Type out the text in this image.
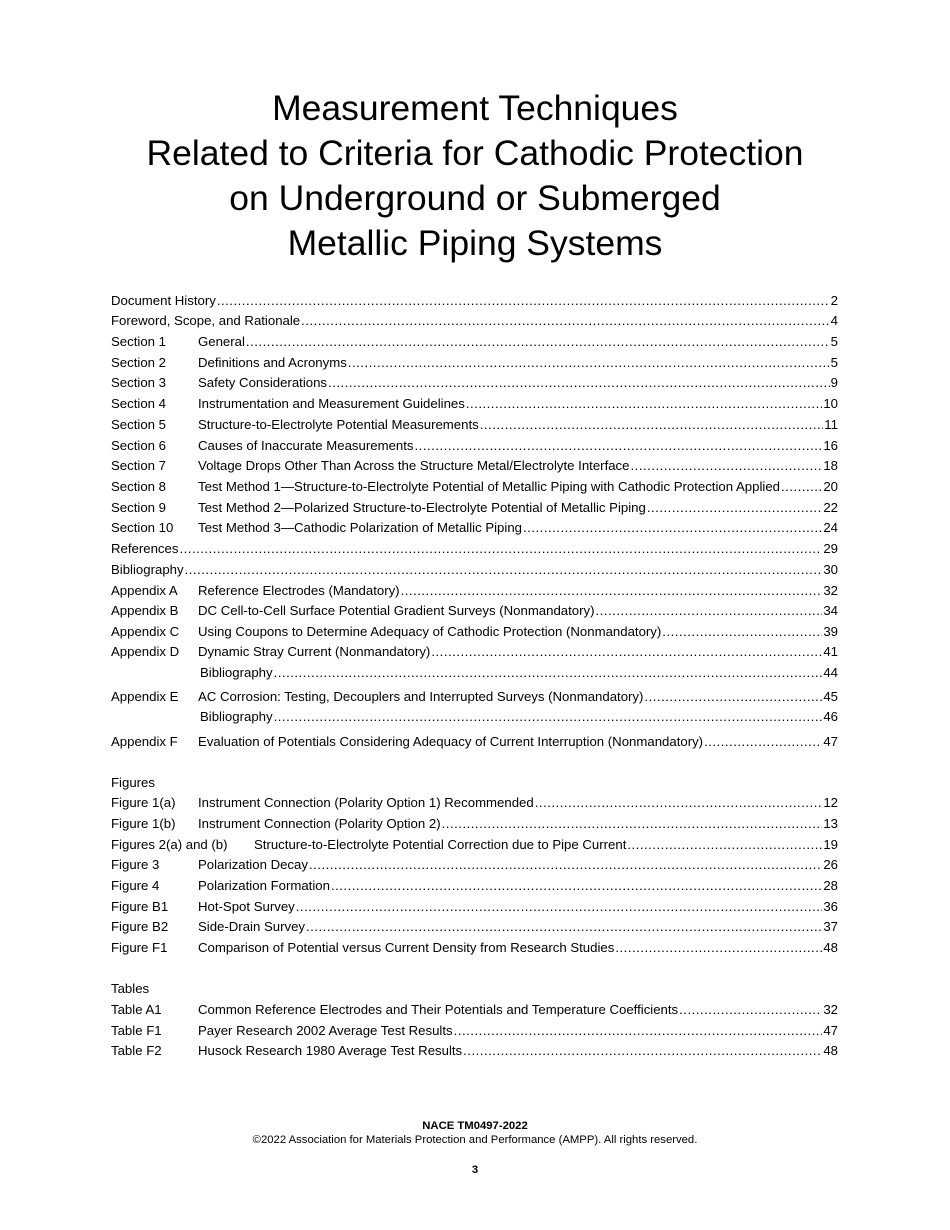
Measurement Techniques
Related to Criteria for Cathodic Protection
on Underground or Submerged
Metallic Piping Systems
Document History .....	2
Foreword, Scope, and Rationale .....	4
Section 1	General .....	5
Section 2	Definitions and Acronyms .....	5
Section 3	Safety Considerations .....	9
Section 4	Instrumentation and Measurement Guidelines .....	10
Section 5	Structure-to-Electrolyte Potential Measurements .....	11
Section 6	Causes of Inaccurate Measurements .....	16
Section 7	Voltage Drops Other Than Across the Structure Metal/Electrolyte Interface .....	18
Section 8	Test Method 1—Structure-to-Electrolyte Potential of Metallic Piping with Cathodic Protection Applied .....	20
Section 9	Test Method 2—Polarized Structure-to-Electrolyte Potential of Metallic Piping .....	22
Section 10	Test Method 3—Cathodic Polarization of Metallic Piping .....	24
References .....	29
Bibliography .....	30
Appendix A	Reference Electrodes (Mandatory) .....	32
Appendix B	DC Cell-to-Cell Surface Potential Gradient Surveys (Nonmandatory) .....	34
Appendix C	Using Coupons to Determine Adequacy of Cathodic Protection (Nonmandatory) .....	39
Appendix D	Dynamic Stray Current (Nonmandatory) .....	41
Bibliography .....	44
Appendix E	AC Corrosion: Testing, Decouplers and Interrupted Surveys (Nonmandatory) .....	45
Bibliography .....	46
Appendix F	Evaluation of Potentials Considering Adequacy of Current Interruption (Nonmandatory) .....	47
Figures
Figure 1(a)	Instrument Connection (Polarity Option 1) Recommended .....	12
Figure 1(b)	Instrument Connection (Polarity Option 2) .....	13
Figures 2(a) and (b)	Structure-to-Electrolyte Potential Correction due to Pipe Current .....	19
Figure 3	Polarization Decay .....	26
Figure 4	Polarization Formation .....	28
Figure B1	Hot-Spot Survey .....	36
Figure B2	Side-Drain Survey .....	37
Figure F1	Comparison of Potential versus Current Density from Research Studies .....	48
Tables
Table A1	Common Reference Electrodes and Their Potentials and Temperature Coefficients .....	32
Table F1	Payer Research 2002 Average Test Results .....	47
Table F2	Husock Research 1980 Average Test Results .....	48
NACE TM0497-2022
©2022 Association for Materials Protection and Performance (AMPP). All rights reserved.
3
